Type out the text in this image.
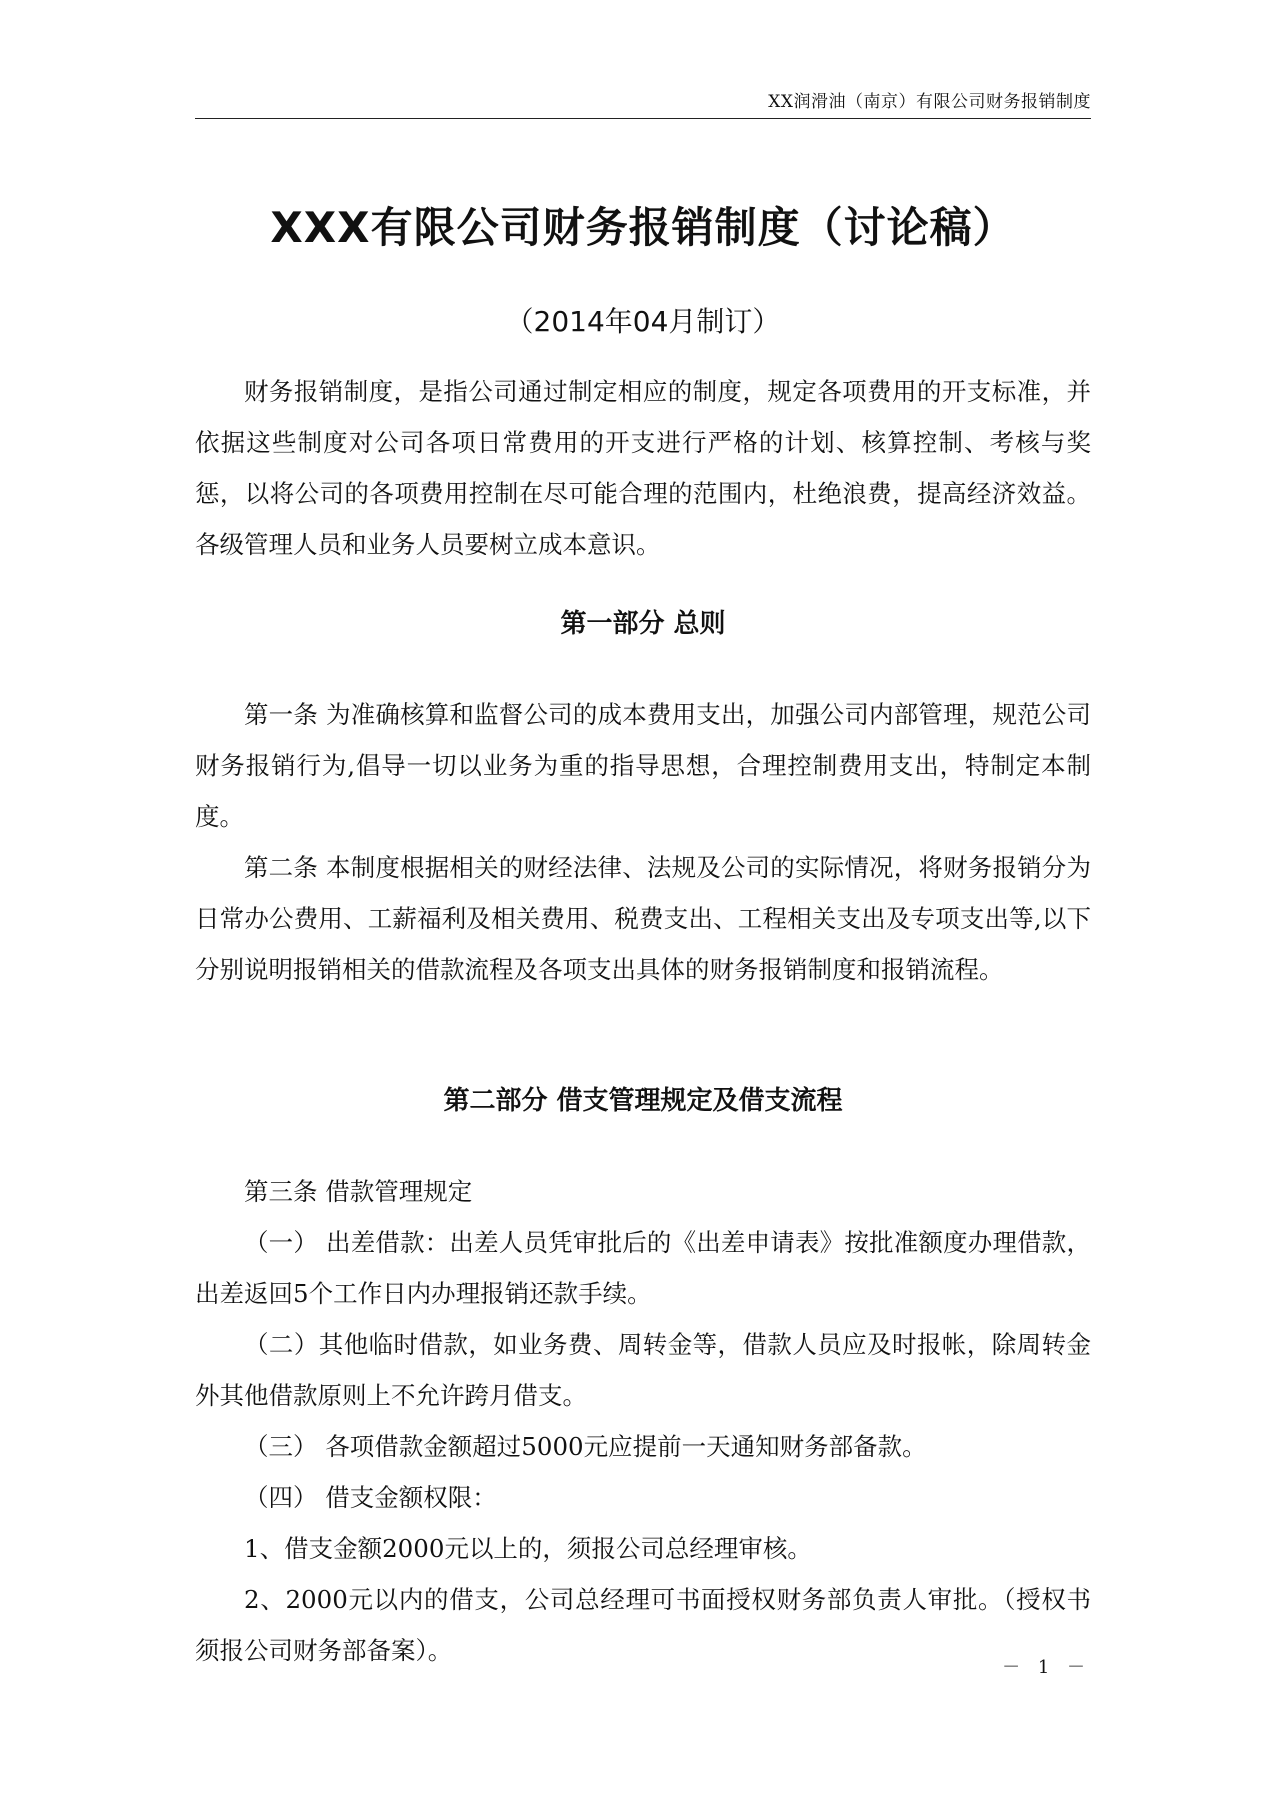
XX润滑油（南京）有限公司财务报销制度
XXX有限公司财务报销制度（讨论稿）
（2014年04月制订）

财务报销制度，是指公司通过制定相应的制度，规定各项费用的开支标准，并依据这些制度对公司各项日常费用的开支进行严格的计划、核算控制、考核与奖惩，以将公司的各项费用控制在尽可能合理的范围内，杜绝浪费，提高经济效益。各级管理人员和业务人员要树立成本意识。

第一部分 总则

第一条 为准确核算和监督公司的成本费用支出，加强公司内部管理，规范公司财务报销行为,倡导一切以业务为重的指导思想，合理控制费用支出，特制定本制度。

第二条 本制度根据相关的财经法律、法规及公司的实际情况，将财务报销分为日常办公费用、工薪福利及相关费用、税费支出、工程相关支出及专项支出等,以下分别说明报销相关的借款流程及各项支出具体的财务报销制度和报销流程。

第二部分 借支管理规定及借支流程

第三条 借款管理规定

（一） 出差借款：出差人员凭审批后的《出差申请表》按批准额度办理借款，出差返回5个工作日内办理报销还款手续。

（二）其他临时借款，如业务费、周转金等，借款人员应及时报帐，除周转金外其他借款原则上不允许跨月借支。

（三） 各项借款金额超过5000元应提前一天通知财务部备款。

（四） 借支金额权限：

1、借支金额2000元以上的，须报公司总经理审核。

2、2000元以内的借支，公司总经理可书面授权财务部负责人审批。（授权书须报公司财务部备案）。

－ 1 －
